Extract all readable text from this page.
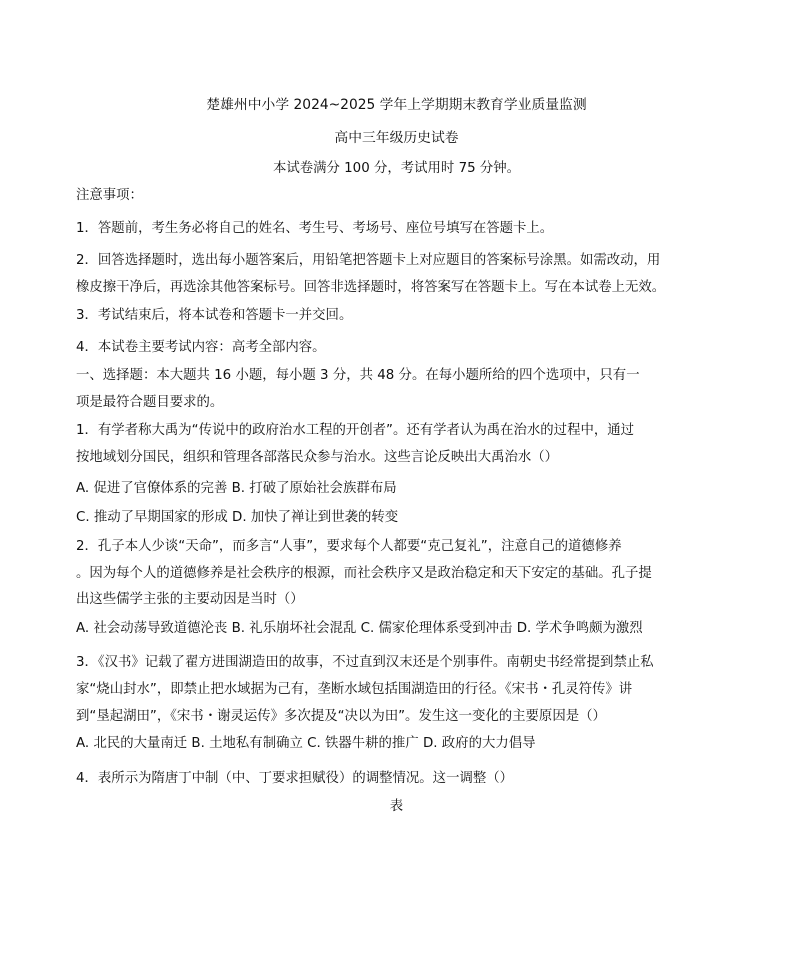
楚雄州中小学 2024~2025 学年上学期期末教育学业质量监测
高中三年级历史试卷
本试卷满分 100 分，考试用时 75 分钟。
注意事项：
1．答题前，考生务必将自己的姓名、考生号、考场号、座位号填写在答题卡上。
2．回答选择题时，选出每小题答案后，用铅笔把答题卡上对应题目的答案标号涂黑。如需改动，用
橡皮擦干净后，再选涂其他答案标号。回答非选择题时，将答案写在答题卡上。写在本试卷上无效。
3．考试结束后，将本试卷和答题卡一并交回。
4．本试卷主要考试内容：高考全部内容。
一、选择题：本大题共 16 小题，每小题 3 分，共 48 分。在每小题所给的四个选项中，只有一
项是最符合题目要求的。
1．有学者称大禹为“传说中的政府治水工程的开创者”。还有学者认为禹在治水的过程中，通过
按地域划分国民，组织和管理各部落民众参与治水。这些言论反映出大禹治水（）
A. 促进了官僚体系的完善 B. 打破了原始社会族群布局
C. 推动了早期国家的形成 D. 加快了禅让到世袭的转变
2．孔子本人少谈“天命”，而多言“人事”，要求每个人都要“克己复礼”，注意自己的道德修养
。因为每个人的道德修养是社会秩序的根源，而社会秩序又是政治稳定和天下安定的基础。孔子提
出这些儒学主张的主要动因是当时（）
A. 社会动荡导致道德沦丧 B. 礼乐崩坏社会混乱 C. 儒家伦理体系受到冲击 D. 学术争鸣颇为激烈
3．《汉书》记载了翟方进围湖造田的故事，不过直到汉末还是个别事件。南朝史书经常提到禁止私
家“烧山封水”，即禁止把水域据为己有，垄断水域包括围湖造田的行径。《宋书・孔灵符传》讲
到“垦起湖田”，《宋书・谢灵运传》多次提及“决以为田”。发生这一变化的主要原因是（）
A. 北民的大量南迁 B. 土地私有制确立 C. 铁器牛耕的推广 D. 政府的大力倡导
4．表所示为隋唐丁中制（中、丁要求担赋役）的调整情况。这一调整（）
表
